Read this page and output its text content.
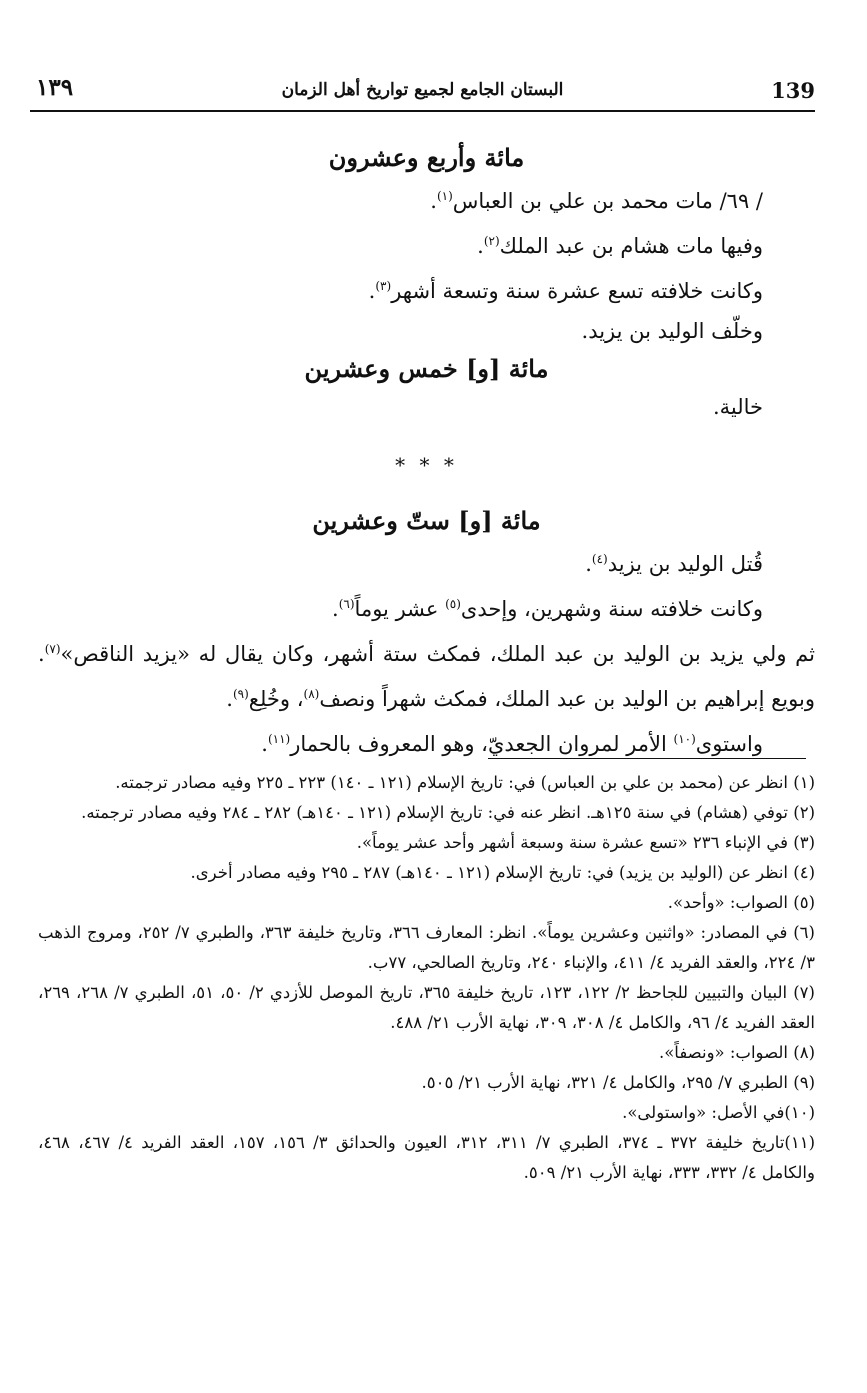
139
البستان الجامع لجميع تواريخ أهل الزمان
١٣٩

مائة وأربع وعشرون

/ ٦٩/ مات محمد بن علي بن العباس$^{(١)}$.

وفيها مات هشام بن عبد الملك$^{(٢)}$.

وكانت خلافته تسع عشرة سنة وتسعة أشهر$^{(٣)}$.

وخلّف الوليد بن يزيد.

مائة [و] خمس وعشرين

خالية.

* * *

مائة [و] ستّ وعشرين

قُتل الوليد بن يزيد$^{(٤)}$.

وكانت خلافته سنة وشهرين، وإحدى$^{(٥)}$ عشر يوماً$^{(٦)}$.

ثم ولي يزيد بن الوليد بن عبد الملك، فمكث ستة أشهر، وكان يقال له «يزيد الناقص»$^{(٧)}$. وبويع إبراهيم بن الوليد بن عبد الملك، فمكث شهراً ونصف$^{(٨)}$، وخُلِع$^{(٩)}$.

واستوى$^{(١٠)}$ الأمر لمروان الجعديّ، وهو المعروف بالحمار$^{(١١)}$.

(١) انظر عن (محمد بن علي بن العباس) في: تاريخ الإسلام (١٢١ ـ ١٤٠) ٢٢٣ ـ ٢٢٥ وفيه مصادر ترجمته.

(٢) توفي (هشام) في سنة ١٢٥هـ. انظر عنه في: تاريخ الإسلام (١٢١ ـ ١٤٠هـ) ٢٨٢ ـ ٢٨٤ وفيه مصادر ترجمته.

(٣) في الإنباء ٢٣٦ «تسع عشرة سنة وسبعة أشهر وأحد عشر يوماً».

(٤) انظر عن (الوليد بن يزيد) في: تاريخ الإسلام (١٢١ ـ ١٤٠هـ) ٢٨٧ ـ ٢٩٥ وفيه مصادر أخرى.

(٥) الصواب: «وأحد».

(٦) في المصادر: «واثنين وعشرين يوماً». انظر: المعارف ٣٦٦، وتاريخ خليفة ٣٦٣، والطبري ٧/ ٢٥٢، ومروج الذهب ٣/ ٢٢٤، والعقد الفريد ٤/ ٤١١، والإنباء ٢٤٠، وتاريخ الصالحي، ٧٧ب.

(٧) البيان والتبيين للجاحظ ٢/ ١٢٢، ١٢٣، تاريخ خليفة ٣٦٥، تاريخ الموصل للأزدي ٢/ ٥٠، ٥١، الطبري ٧/ ٢٦٨، ٢٦٩، العقد الفريد ٤/ ٩٦، والكامل ٤/ ٣٠٨، ٣٠٩، نهاية الأرب ٢١/ ٤٨٨.

(٨) الصواب: «ونصفاً».

(٩) الطبري ٧/ ٢٩٥، والكامل ٤/ ٣٢١، نهاية الأرب ٢١/ ٥٠٥.

(١٠)في الأصل: «واستولى».

(١١)تاريخ خليفة ٣٧٢ ـ ٣٧٤، الطبري ٧/ ٣١١، ٣١٢، العيون والحدائق ٣/ ١٥٦، ١٥٧، العقد الفريد ٤/ ٤٦٧، ٤٦٨، والكامل ٤/ ٣٣٢، ٣٣٣، نهاية الأرب ٢١/ ٥٠٩.
